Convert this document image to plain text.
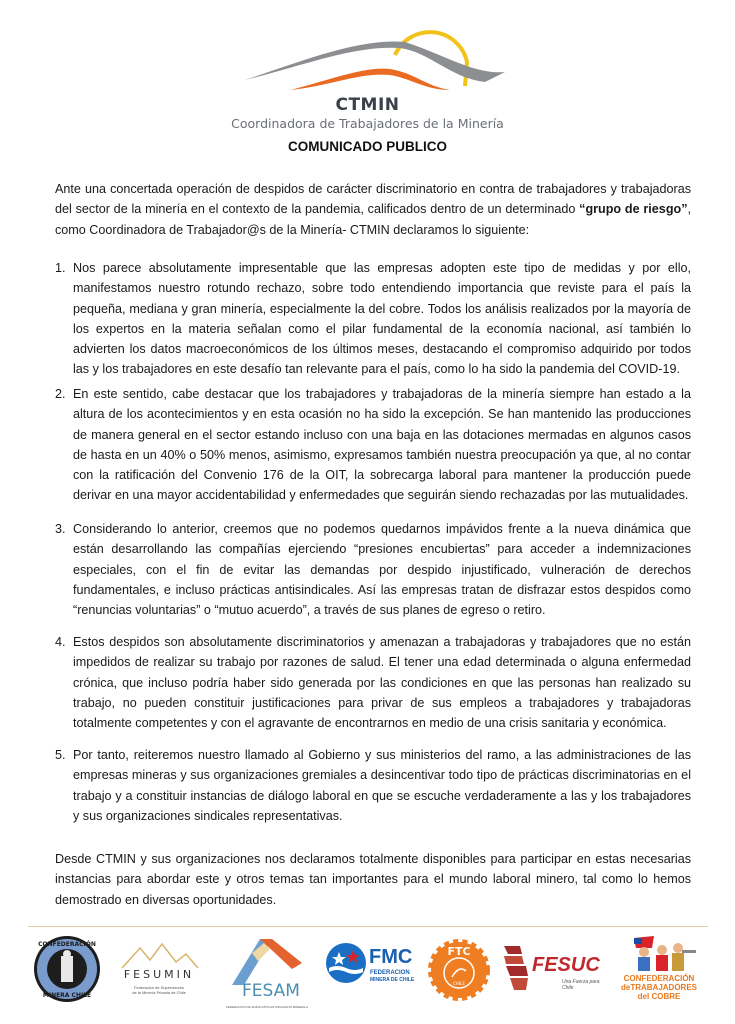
CTMIN
Coordinadora de Trabajadores de la Minería
COMUNICADO PUBLICO
Ante una concertada operación de despidos de carácter discriminatorio en contra de trabajadores y trabajadoras del sector de la minería en el contexto de la pandemia, calificados dentro de un determinado “grupo de riesgo”, como Coordinadora de Trabajador@s de la Minería- CTMIN declaramos lo siguiente:
1. Nos parece absolutamente impresentable que las empresas adopten este tipo de medidas y por ello, manifestamos nuestro rotundo rechazo, sobre todo entendiendo importancia que reviste para el país la pequeña, mediana y gran minería, especialmente la del cobre. Todos los análisis realizados por la mayoría de los expertos en la materia señalan como el pilar fundamental de la economía nacional, así también lo advierten los datos macroeconómicos de los últimos meses, destacando el compromiso adquirido por todos las y los trabajadores en este desafío tan relevante para el país, como lo ha sido la pandemia del COVID-19.
2. En este sentido, cabe destacar que los trabajadores y trabajadoras de la minería siempre han estado a la altura de los acontecimientos y en esta ocasión no ha sido la excepción. Se han mantenido las producciones de manera general en el sector estando incluso con una baja en las dotaciones mermadas en algunos casos de hasta en un 40% o 50% menos, asimismo, expresamos también nuestra preocupación ya que, al no contar con la ratificación del Convenio 176 de la OIT, la sobrecarga laboral para mantener la producción puede derivar en una mayor accidentabilidad y enfermedades que seguirán siendo rechazadas por las mutualidades.
3. Considerando lo anterior, creemos que no podemos quedarnos impávidos frente a la nueva dinámica que están desarrollando las compañías ejerciendo “presiones encubiertas” para acceder a indemnizaciones especiales, con el fin de evitar las demandas por despido injustificado, vulneración de derechos fundamentales, e incluso prácticas antisindicales. Así las empresas tratan de disfrazar estos despidos como “renuncias voluntarias” o “mutuo acuerdo”, a través de sus planes de egreso o retiro.
4. Estos despidos son absolutamente discriminatorios y amenazan a trabajadoras y trabajadores que no están impedidos de realizar su trabajo por razones de salud. El tener una edad determinada o alguna enfermedad crónica, que incluso podría haber sido generada por las condiciones en que las personas han realizado su trabajo, no pueden constituir justificaciones para privar de sus empleos a trabajadores y trabajadoras totalmente competentes y con el agravante de encontrarnos en medio de una crisis sanitaria y económica.
5. Por tanto, reiteremos nuestro llamado al Gobierno y sus ministerios del ramo, a las administraciones de las empresas mineras y sus organizaciones gremiales a desincentivar todo tipo de prácticas discriminatorias en el trabajo y a constituir instancias de diálogo laboral en que se escuche verdaderamente a las y los trabajadores y sus organizaciones sindicales representativas.
Desde CTMIN y sus organizaciones nos declaramos totalmente disponibles para participar en estas necesarias instancias para abordar este y otros temas tan importantes para el mundo laboral minero, tal como lo hemos demostrado en diversas oportunidades.
CONFEDERACIÓN
MINERA CHILE
FESUMIN
Federación de Supervisores de la Minería Privada de Chile	FESAM
FEDERACION DE SINDICATOS ANTOFAGASTA MINERALS
FMC
FEDERACION
MINERA DE CHILE
FTC
CHILE
FESUC
Una Fuerza para Chile
CONFEDERACIÓN
deTRABAJADORES
del COBRE
